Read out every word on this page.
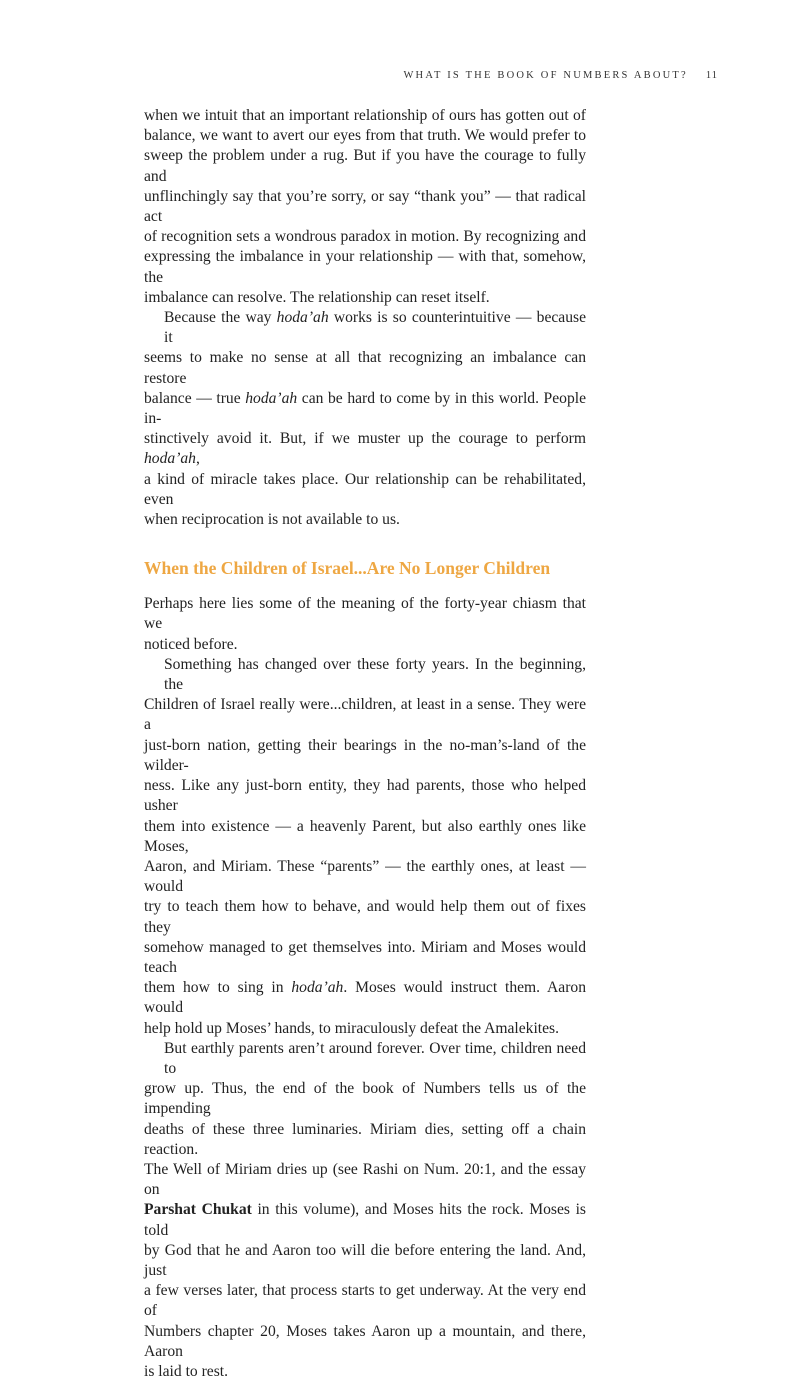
WHAT IS THE BOOK OF NUMBERS ABOUT? 11

when we intuit that an important relationship of ours has gotten out of
balance, we want to avert our eyes from that truth. We would prefer to
sweep the problem under a rug. But if you have the courage to fully and
unflinchingly say that you’re sorry, or say “thank you” — that radical act
of recognition sets a wondrous paradox in motion. By recognizing and
expressing the imbalance in your relationship — with that, somehow, the
imbalance can resolve. The relationship can reset itself.

Because the way hoda’ah works is so counterintuitive — because it
seems to make no sense at all that recognizing an imbalance can restore
balance — true hoda’ah can be hard to come by in this world. People in-
stinctively avoid it. But, if we muster up the courage to perform hoda’ah,
a kind of miracle takes place. Our relationship can be rehabilitated, even
when reciprocation is not available to us.

When the Children of Israel...Are No Longer Children

Perhaps here lies some of the meaning of the forty-year chiasm that we
noticed before.

Something has changed over these forty years. In the beginning, the
Children of Israel really were...children, at least in a sense. They were a
just-born nation, getting their bearings in the no-man’s-land of the wilder-
ness. Like any just-born entity, they had parents, those who helped usher
them into existence — a heavenly Parent, but also earthly ones like Moses,
Aaron, and Miriam. These “parents” — the earthly ones, at least — would
try to teach them how to behave, and would help them out of fixes they
somehow managed to get themselves into. Miriam and Moses would teach
them how to sing in hoda’ah. Moses would instruct them. Aaron would
help hold up Moses’ hands, to miraculously defeat the Amalekites.

But earthly parents aren’t around forever. Over time, children need to
grow up. Thus, the end of the book of Numbers tells us of the impending
deaths of these three luminaries. Miriam dies, setting off a chain reaction.
The Well of Miriam dries up (see Rashi on Num. 20:1, and the essay on
Parshat Chukat in this volume), and Moses hits the rock. Moses is told
by God that he and Aaron too will die before entering the land. And, just
a few verses later, that process starts to get underway. At the very end of
Numbers chapter 20, Moses takes Aaron up a mountain, and there, Aaron
is laid to rest.
